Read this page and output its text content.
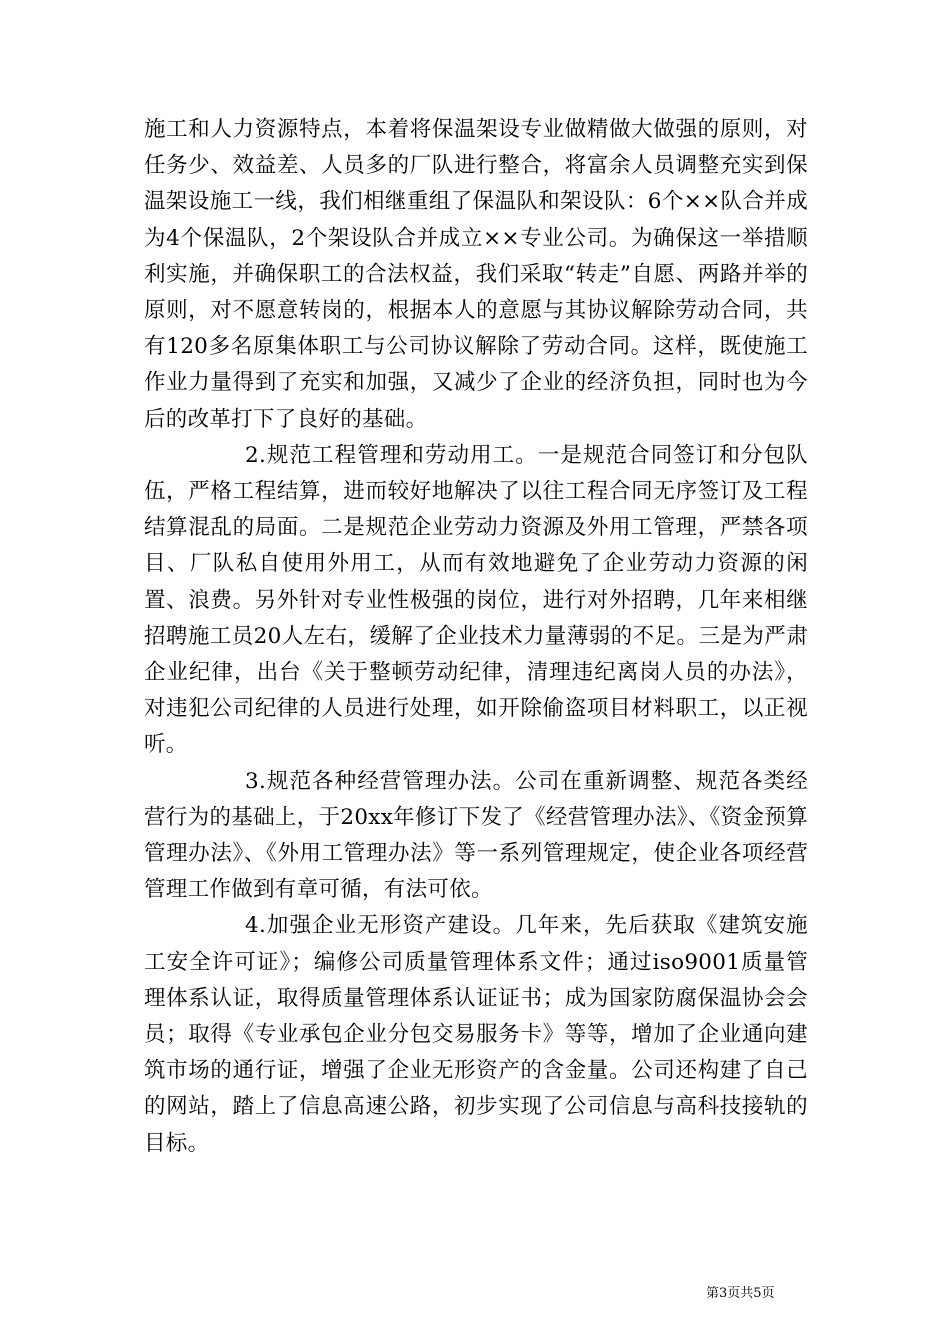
施工和人力资源特点，本着将保温架设专业做精做大做强的原则，对任务少、效益差、人员多的厂队进行整合，将富余人员调整充实到保温架设施工一线，我们相继重组了保温队和架设队：6个××队合并成为4个保温队，2个架设队合并成立××专业公司。为确保这一举措顺利实施，并确保职工的合法权益，我们采取“转走”自愿、两路并举的原则，对不愿意转岗的，根据本人的意愿与其协议解除劳动合同，共有120多名原集体职工与公司协议解除了劳动合同。这样，既使施工作业力量得到了充实和加强，又减少了企业的经济负担，同时也为今后的改革打下了良好的基础。

2.规范工程管理和劳动用工。一是规范合同签订和分包队伍，严格工程结算，进而较好地解决了以往工程合同无序签订及工程结算混乱的局面。二是规范企业劳动力资源及外用工管理，严禁各项目、厂队私自使用外用工，从而有效地避免了企业劳动力资源的闲置、浪费。另外针对专业性极强的岗位，进行对外招聘，几年来相继招聘施工员20人左右，缓解了企业技术力量薄弱的不足。三是为严肃企业纪律，出台《关于整顿劳动纪律，清理违纪离岗人员的办法》，对违犯公司纪律的人员进行处理，如开除偷盗项目材料职工，以正视听。

3.规范各种经营管理办法。公司在重新调整、规范各类经营行为的基础上，于20xx年修订下发了《经营管理办法》、《资金预算管理办法》、《外用工管理办法》等一系列管理规定，使企业各项经营管理工作做到有章可循，有法可依。

4.加强企业无形资产建设。几年来，先后获取《建筑安施工安全许可证》；编修公司质量管理体系文件；通过iso9001质量管理体系认证，取得质量管理体系认证证书；成为国家防腐保温协会会员；取得《专业承包企业分包交易服务卡》等等，增加了企业通向建筑市场的通行证，增强了企业无形资产的含金量。公司还构建了自己的网站，踏上了信息高速公路，初步实现了公司信息与高科技接轨的目标。

第3页共5页
